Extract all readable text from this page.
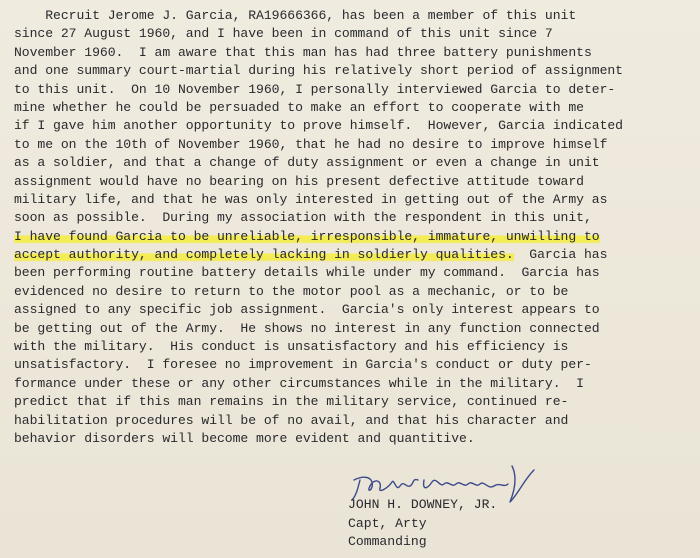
Recruit Jerome J. Garcia, RA19666366, has been a member of this unit
since 27 August 1960, and I have been in command of this unit since 7
November 1960.  I am aware that this man has had three battery punishments
and one summary court-martial during his relatively short period of assignment
to this unit.  On 10 November 1960, I personally interviewed Garcia to deter-
mine whether he could be persuaded to make an effort to cooperate with me
if I gave him another opportunity to prove himself.  However, Garcia indicated
to me on the 10th of November 1960, that he had no desire to improve himself
as a soldier, and that a change of duty assignment or even a change in unit
assignment would have no bearing on his present defective attitude toward
military life, and that he was only interested in getting out of the Army as
soon as possible.  During my association with the respondent in this unit,
I have found Garcia to be unreliable, irresponsible, immature, unwilling to
accept authority, and completely lacking in soldierly qualities.  Garcia has
been performing routine battery details while under my command.  Garcia has
evidenced no desire to return to the motor pool as a mechanic, or to be
assigned to any specific job assignment.  Garcia's only interest appears to
be getting out of the Army.  He shows no interest in any function connected
with the military.  His conduct is unsatisfactory and his efficiency is
unsatisfactory.  I foresee no improvement in Garcia's conduct or duty per-
formance under these or any other circumstances while in the military.  I
predict that if this man remains in the military service, continued re-
habilitation procedures will be of no avail, and that his character and
behavior disorders will become more evident and quantitive.
JOHN H. DOWNEY, JR.
Capt, Arty
Commanding
